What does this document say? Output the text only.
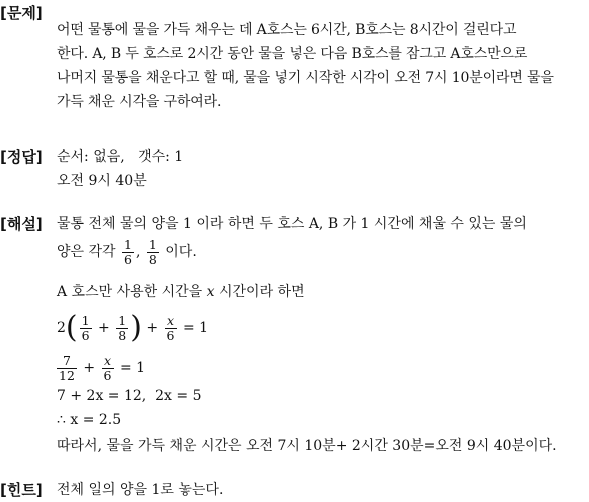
[문제]
어떤 물통에 물을 가득 채우는 데 A호스는 6시간, B호스는 8시간이 걸린다고
한다. A, B 두 호스로 2시간 동안 물을 넣은 다음 B호스를 잠그고 A호스만으로
나머지 물통을 채운다고 할 때, 물을 넣기 시작한 시각이 오전 7시 10분이라면 물을
가득 채운 시각을 구하여라.
[정답] 순서: 없음,   갯수: 1
오전 9시 40분
[해설] 물통 전체 물의 양을 1 이라 하면 두 호스 A, B 가 1 시간에 채울 수 있는 물의
양은 각각 $\frac{1}{6}$ , $\frac{1}{8}$ 이다.
A 호스만 사용한 시간을 x 시간이라 하면
$2( \frac{1}{6} + \frac{1}{8}$ ) + $\frac{x}{6} = 1$
$\frac{7}{12} + \frac{x}{6} = 1$
7 + 2x = 12,  2x = 5
∴ x = 2.5
따라서, 물을 가득 채운 시간은 오전 7시 10분+ 2시간 30분=오전 9시 40분이다.
[힌트] 전체 일의 양을 1로 놓는다.
